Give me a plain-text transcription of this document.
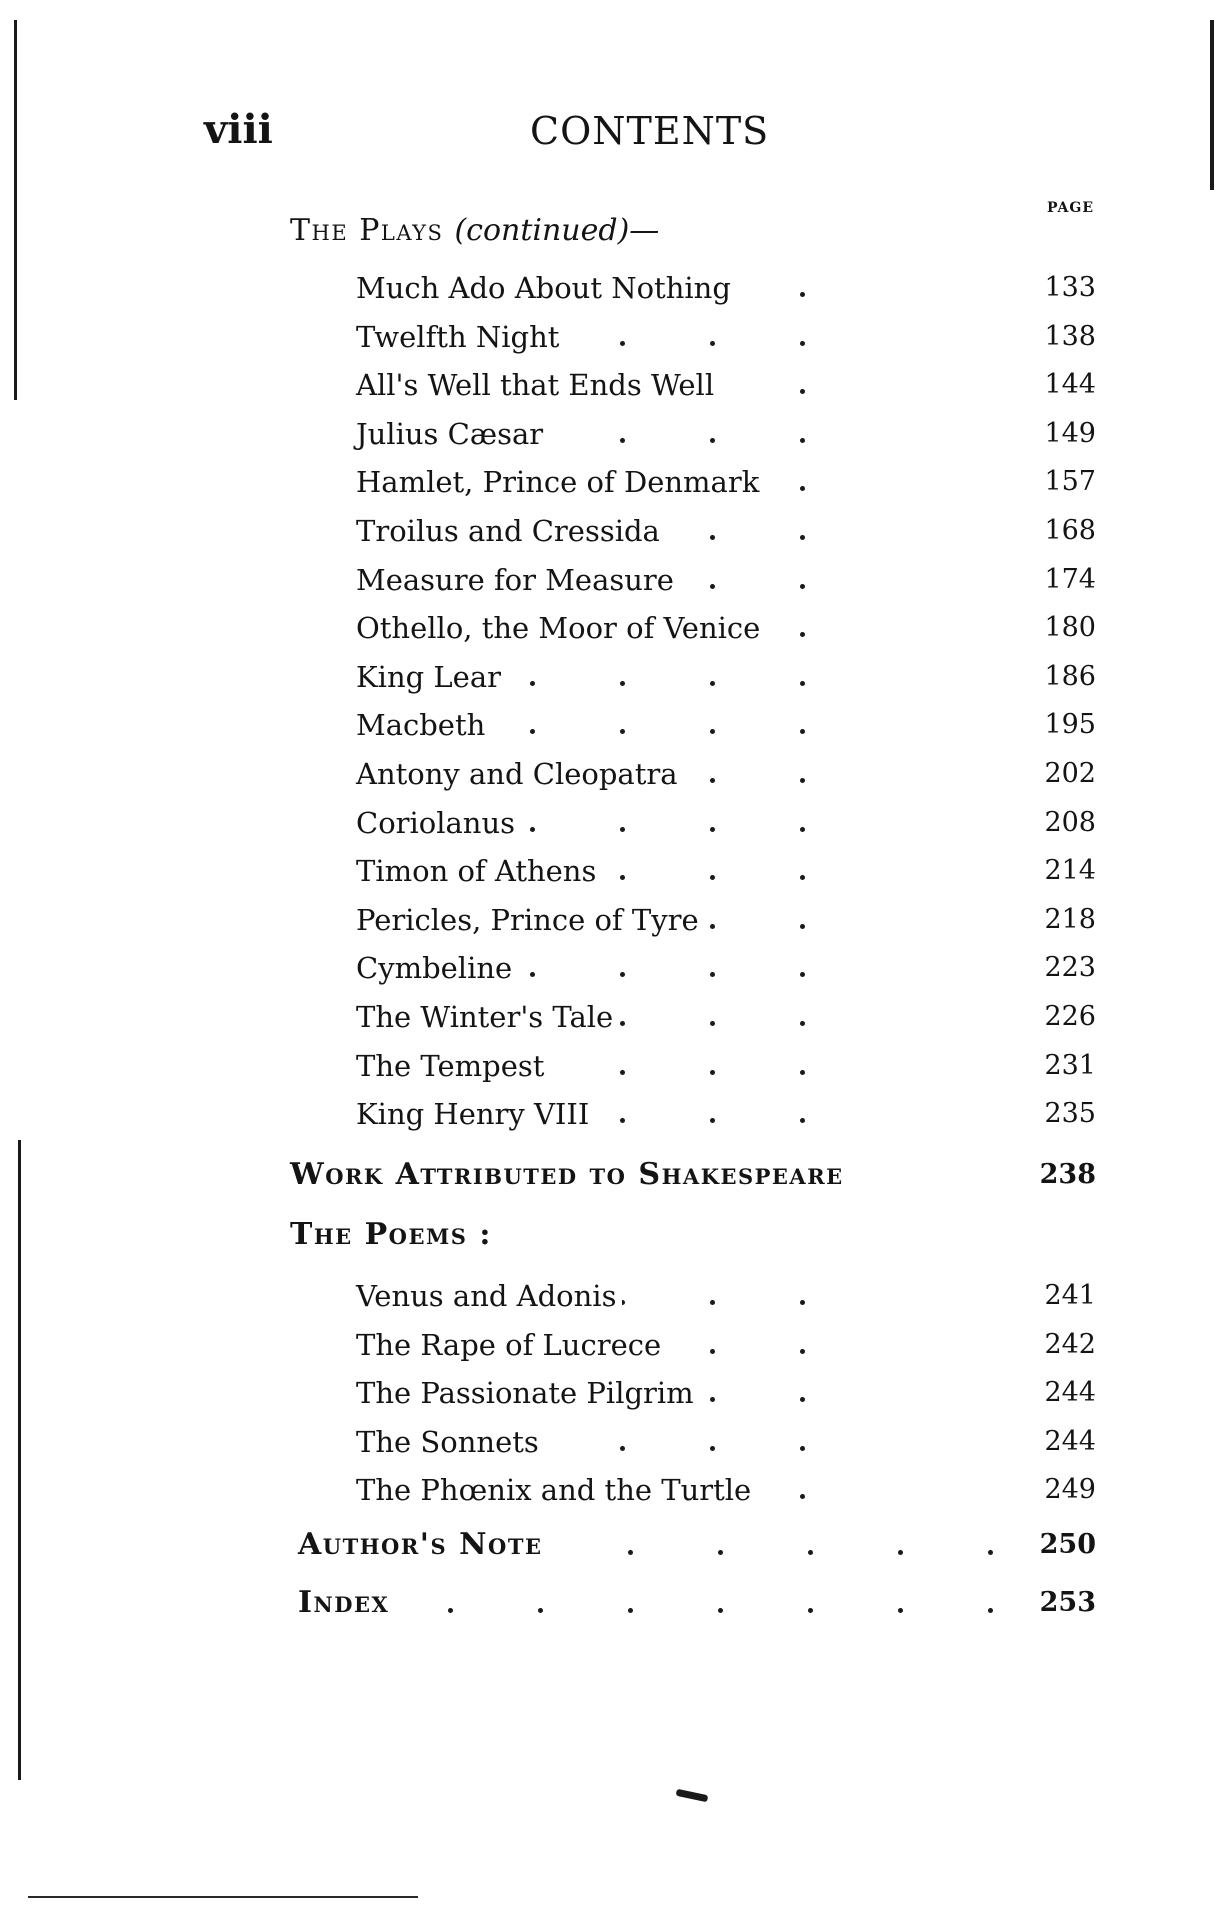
viii	CONTENTS
PAGE
The Plays (continued)—
Much Ado About Nothing	133
Twelfth Night	138
All's Well that Ends Well	144
Julius Cæsar	149
Hamlet, Prince of Denmark	157
Troilus and Cressida	168
Measure for Measure	174
Othello, the Moor of Venice	180
King Lear	186
Macbeth	195
Antony and Cleopatra	202
Coriolanus	208
Timon of Athens	214
Pericles, Prince of Tyre	218
Cymbeline	223
The Winter's Tale	226
The Tempest	231
King Henry VIII	235
Work Attributed to Shakespeare	238
The Poems :
Venus and Adonis	241
The Rape of Lucrece	242
The Passionate Pilgrim	244
The Sonnets	244
The Phœnix and the Turtle	249
Author's Note	250
Index	253
